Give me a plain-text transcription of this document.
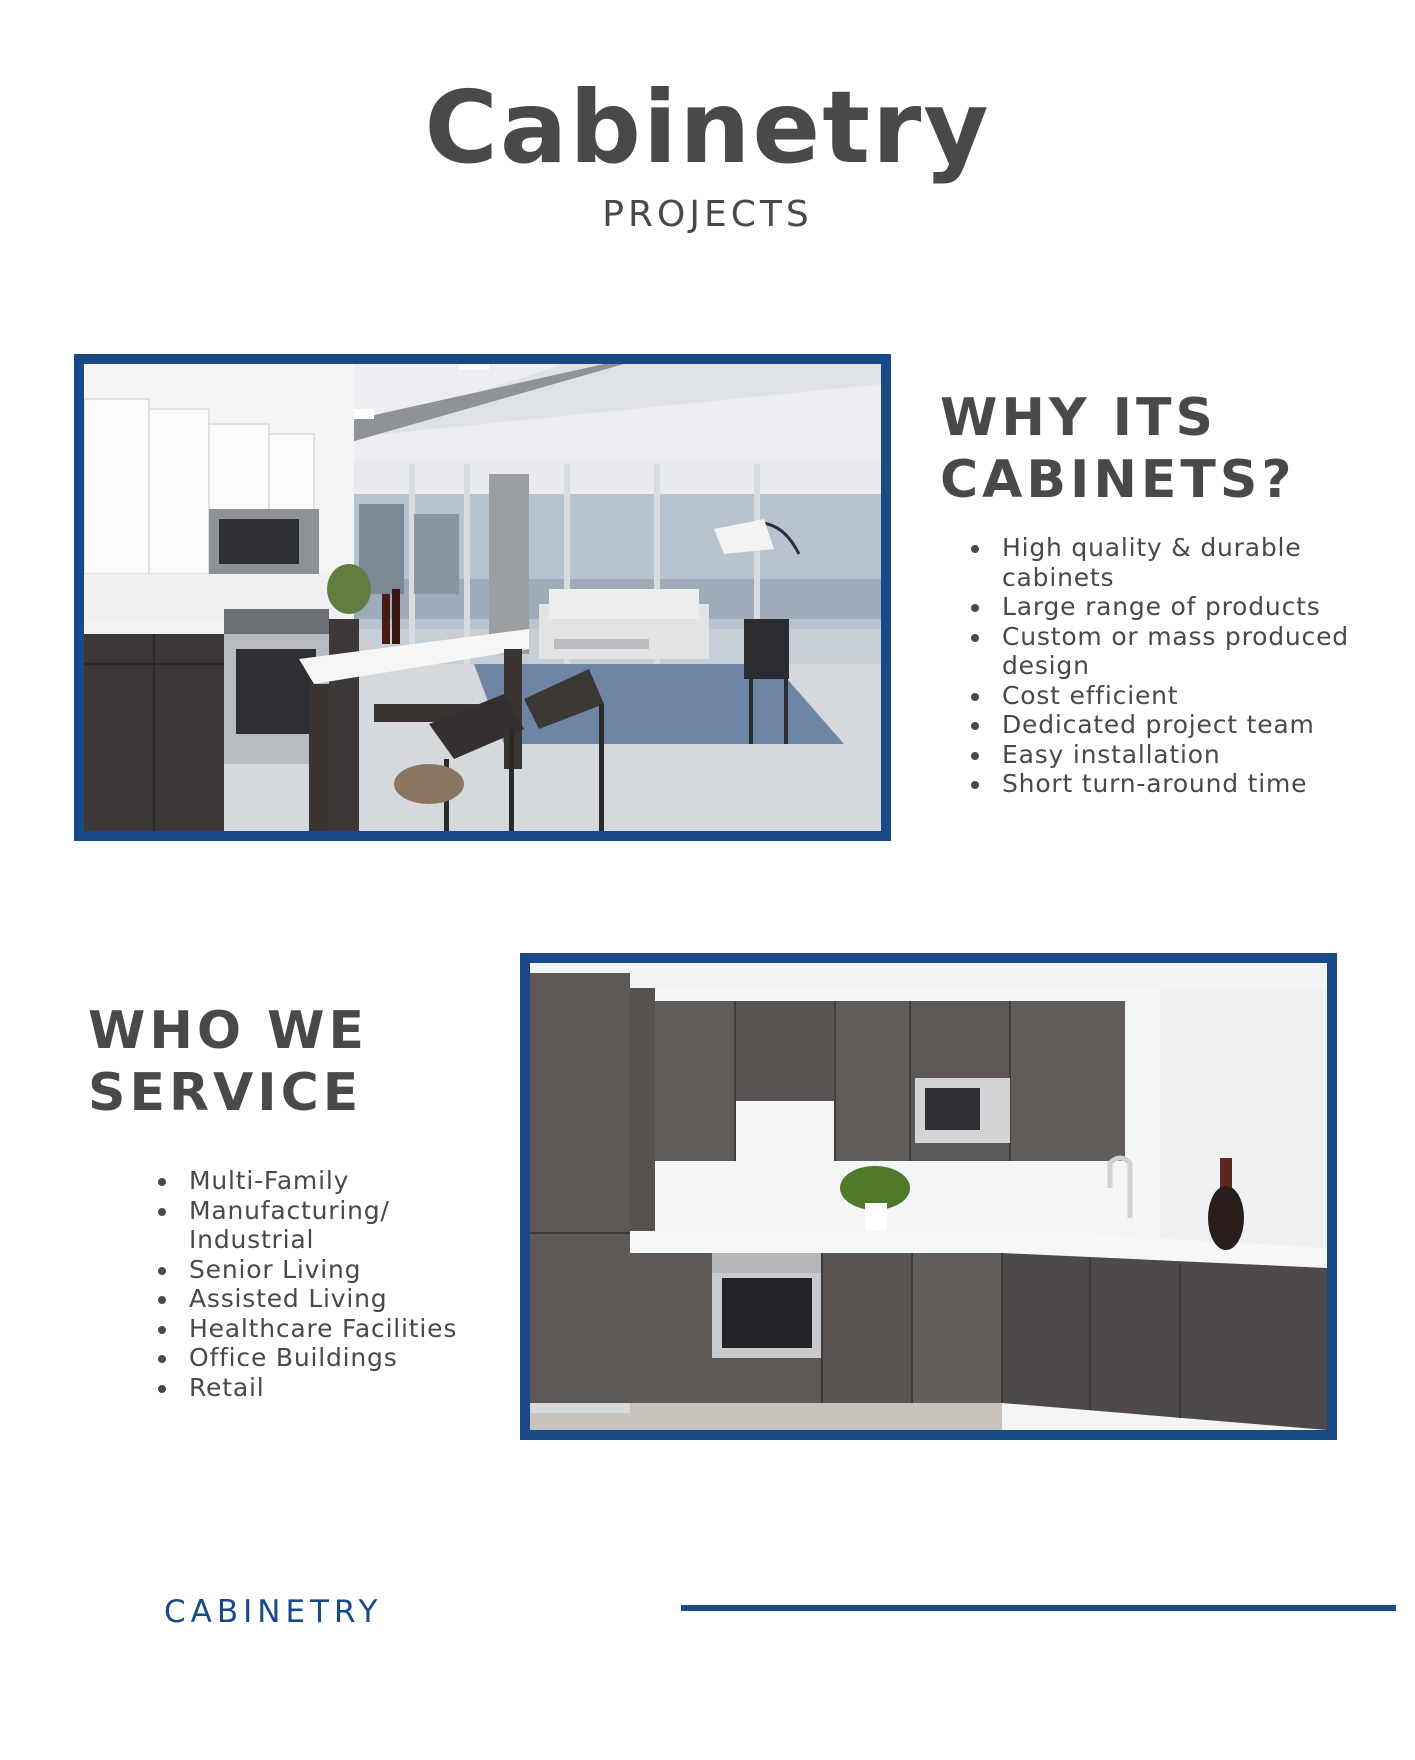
Cabinetry
PROJECTS
WHY ITS
CABINETS?
High quality & durable cabinets
Large range of products
Custom or mass produced design
Cost efficient
Dedicated project team
Easy installation
Short turn-around time
WHO WE
SERVICE
Multi-Family
Manufacturing/ Industrial
Senior Living
Assisted Living
Healthcare Facilities
Office Buildings
Retail
CABINETRY
